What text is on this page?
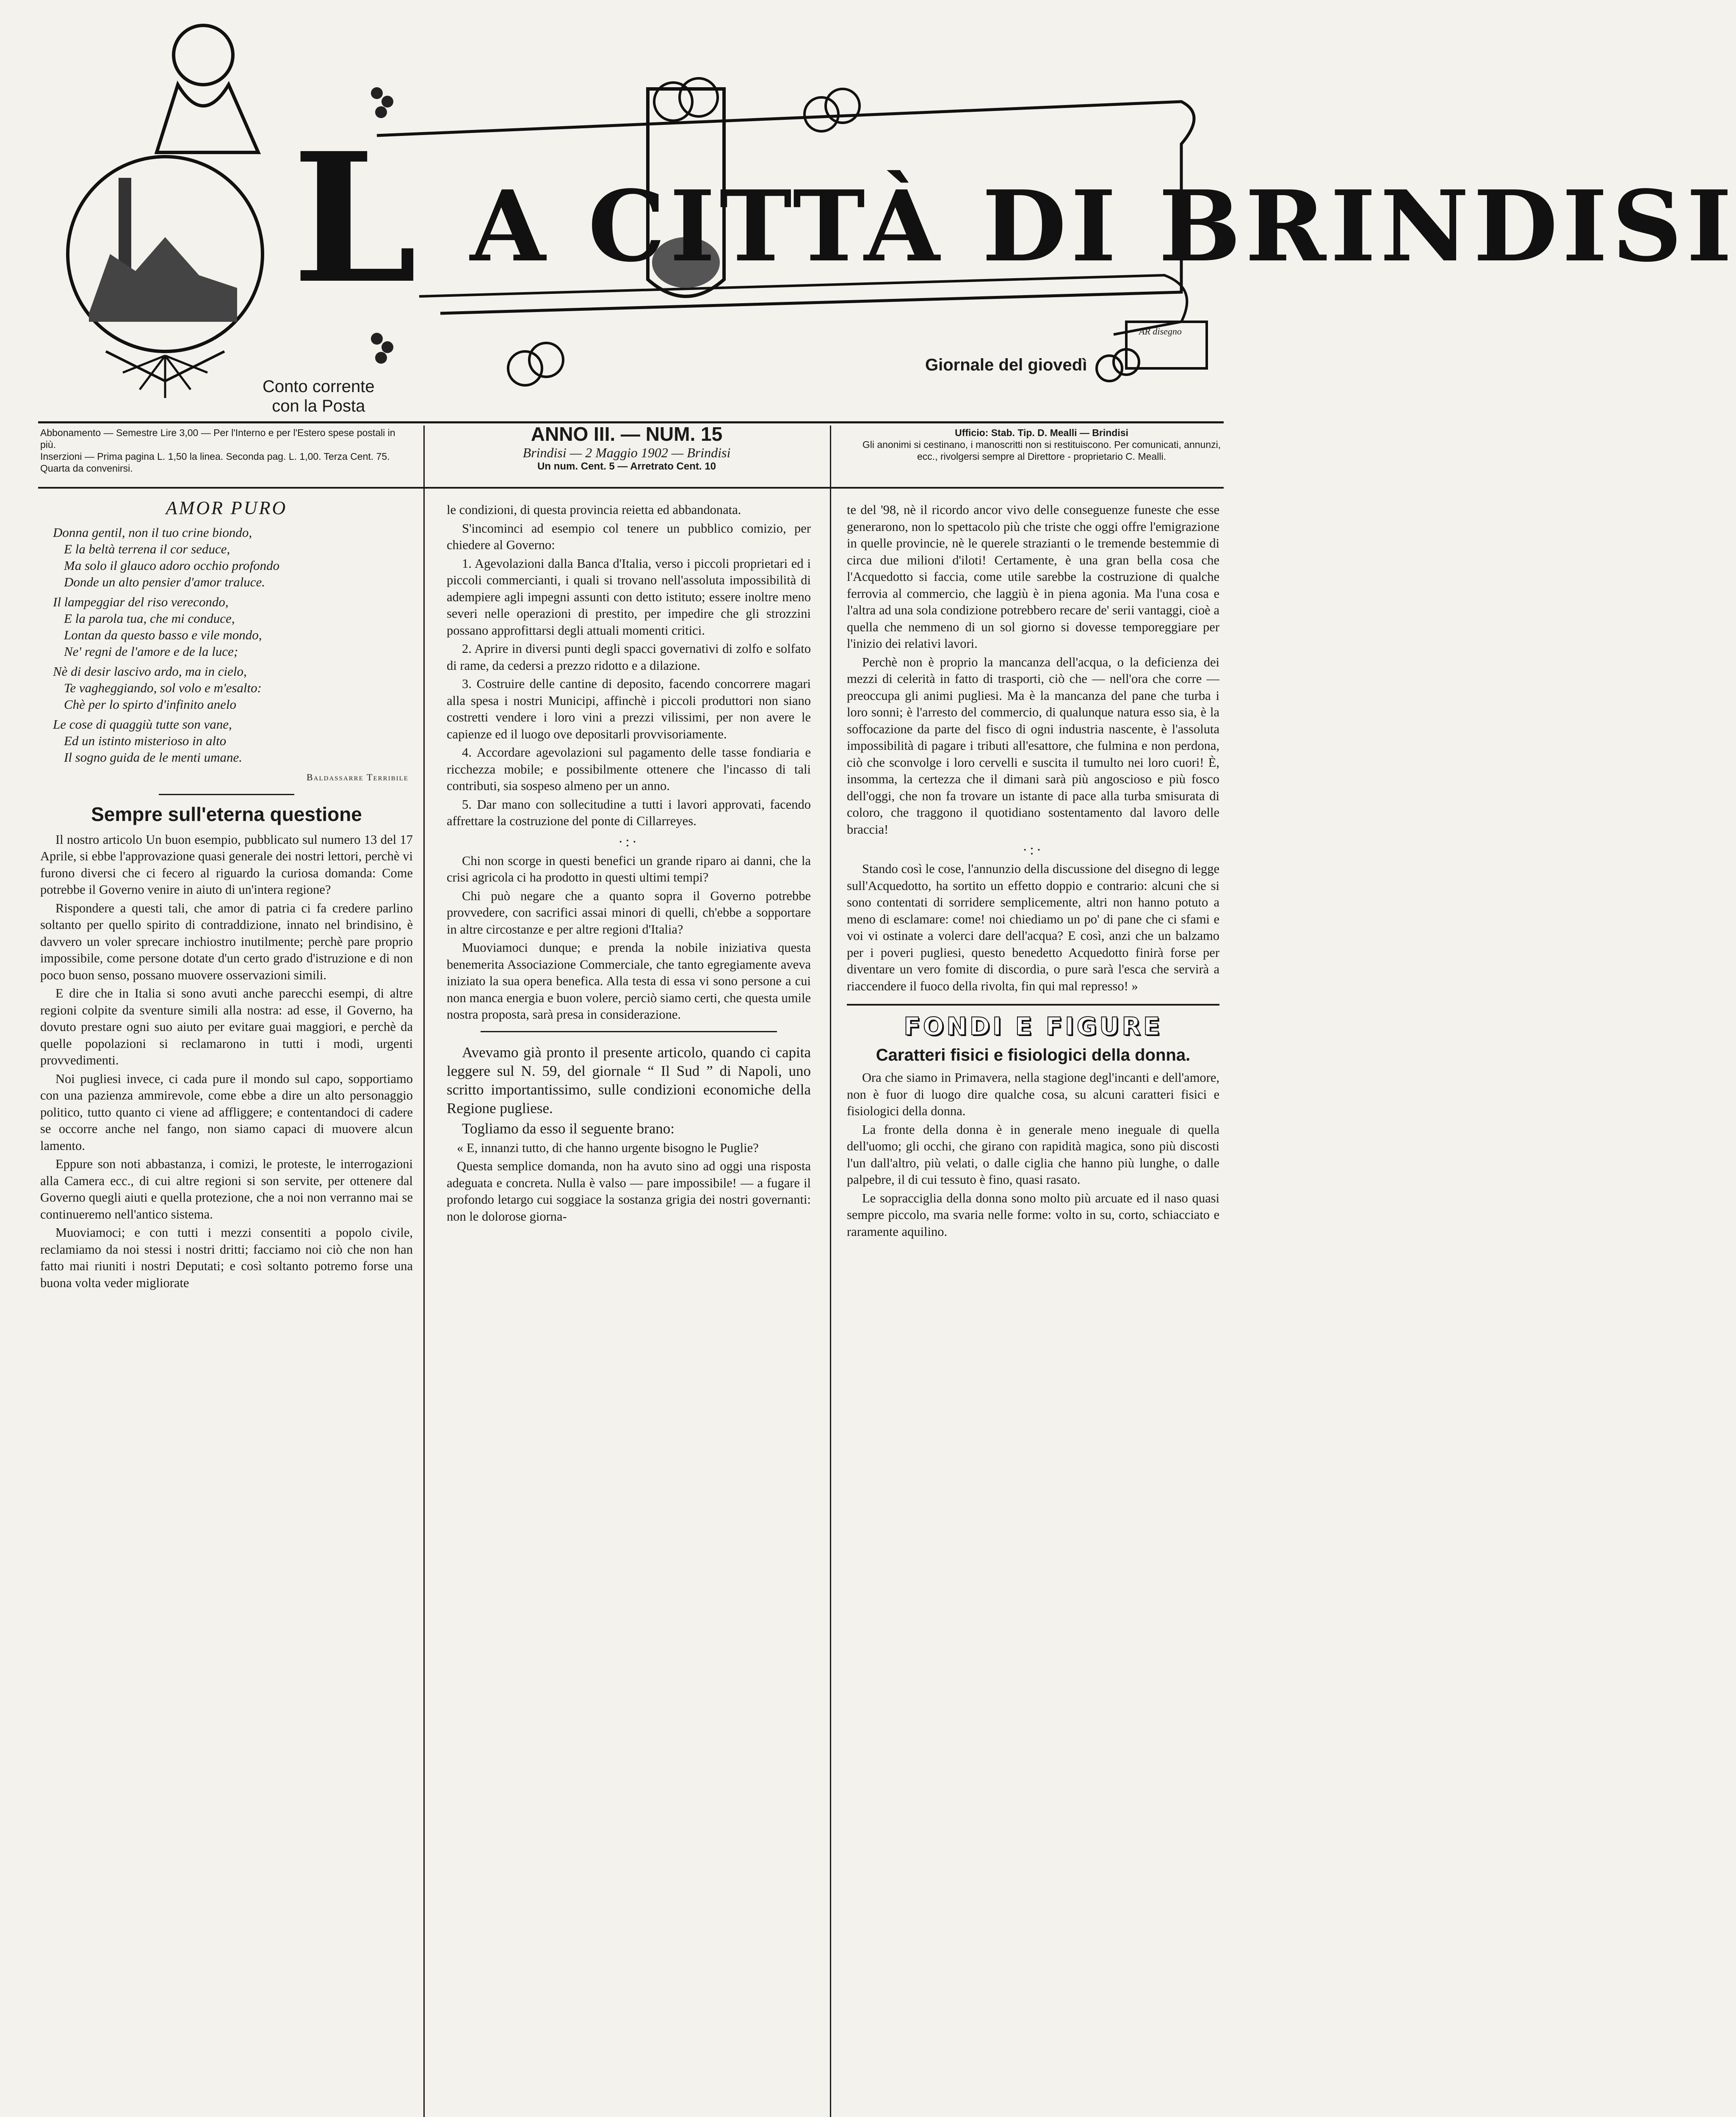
L A CITTÀ DI BRINDISI
Giornale del giovedì
AR disegno
Conto corrente
con la Posta
Abbonamento — Semestre Lire 3,00 — Per l'Interno e per l'Estero spese postali in più.
Inserzioni — Prima pagina L. 1,50 la linea. Seconda pag. L. 1,00. Terza Cent. 75. Quarta da convenirsi.
ANNO III. — NUM. 15
Brindisi — 2 Maggio 1902 — Brindisi
Un num. Cent. 5 — Arretrato Cent. 10
Ufficio: Stab. Tip. D. Mealli — Brindisi
Gli anonimi si cestinano, i manoscritti non si restituiscono. Per comunicati, annunzi, ecc., rivolgersi sempre al Direttore - proprietario C. Mealli.
AMOR PURO
Donna gentil, non il tuo crine biondo,
E la beltà terrena il cor seduce,
Ma solo il glauco adoro occhio profondo
Donde un alto pensier d'amor traluce.
Il lampeggiar del riso verecondo,
E la parola tua, che mi conduce,
Lontan da questo basso e vile mondo,
Ne' regni de l'amore e de la luce;
Nè di desir lascivo ardo, ma in cielo,
Te vagheggiando, sol volo e m'esalto:
Chè per lo spirto d'infinito anelo
Le cose di quaggiù tutte son vane,
Ed un istinto misterioso in alto
Il sogno guida de le menti umane.
Baldassarre Terribile
Sempre sull'eterna questione

Il nostro articolo Un buon esempio, pubblicato sul numero 13 del 17 Aprile, si ebbe l'approvazione quasi generale dei nostri lettori, perchè vi furono diversi che ci fecero al riguardo la curiosa domanda: Come potrebbe il Governo venire in aiuto di un'intera regione?

Rispondere a questi tali, che amor di patria ci fa credere parlino soltanto per quello spirito di contraddizione, innato nel brindisino, è davvero un voler sprecare inchiostro inutilmente; perchè pare proprio impossibile, come persone dotate d'un certo grado d'istruzione e di non poco buon senso, possano muovere osservazioni simili.

E dire che in Italia si sono avuti anche parecchi esempi, di altre regioni colpite da sventure simili alla nostra: ad esse, il Governo, ha dovuto prestare ogni suo aiuto per evitare guai maggiori, e perchè da quelle popolazioni si reclamarono in tutti i modi, urgenti provvedimenti.

Noi pugliesi invece, ci cada pure il mondo sul capo, sopportiamo con una pazienza ammirevole, come ebbe a dire un alto personaggio politico, tutto quanto ci viene ad affliggere; e contentandoci di cadere se occorre anche nel fango, non siamo capaci di muovere alcun lamento.

Eppure son noti abbastanza, i comizi, le proteste, le interrogazioni alla Camera ecc., di cui altre regioni si son servite, per ottenere dal Governo quegli aiuti e quella protezione, che a noi non verranno mai se continueremo nell'antico sistema.

Muoviamoci; e con tutti i mezzi consentiti a popolo civile, reclamiamo da noi stessi i nostri dritti; facciamo noi ciò che non han fatto mai riuniti i nostri Deputati; e così soltanto potremo forse una buona volta veder migliorate

le condizioni, di questa provincia reietta ed abbandonata.

S'incominci ad esempio col tenere un pubblico comizio, per chiedere al Governo:

1. Agevolazioni dalla Banca d'Italia, verso i piccoli proprietari ed i piccoli commercianti, i quali si trovano nell'assoluta impossibilità di adempiere agli impegni assunti con detto istituto; essere inoltre meno severi nelle operazioni di prestito, per impedire che gli strozzini possano approfittarsi degli attuali momenti critici.

2. Aprire in diversi punti degli spacci governativi di zolfo e solfato di rame, da cedersi a prezzo ridotto e a dilazione.

3. Costruire delle cantine di deposito, facendo concorrere magari alla spesa i nostri Municipi, affinchè i piccoli produttori non siano costretti vendere i loro vini a prezzi vilissimi, per non avere le capienze ed il luogo ove depositarli provvisoriamente.

4. Accordare agevolazioni sul pagamento delle tasse fondiaria e ricchezza mobile; e possibilmente ottenere che l'incasso di tali contributi, sia sospeso almeno per un anno.

5. Dar mano con sollecitudine a tutti i lavori approvati, facendo affrettare la costruzione del ponte di Cillarreyes.

·:·

Chi non scorge in questi benefici un grande riparo ai danni, che la crisi agricola ci ha prodotto in questi ultimi tempi?

Chi può negare che a quanto sopra il Governo potrebbe provvedere, con sacrifici assai minori di quelli, ch'ebbe a sopportare in altre circostanze e per altre regioni d'Italia?

Muoviamoci dunque; e prenda la nobile iniziativa questa benemerita Associazione Commerciale, che tanto egregiamente aveva iniziato la sua opera benefica. Alla testa di essa vi sono persone a cui non manca energia e buon volere, perciò siamo certi, che questa umile nostra proposta, sarà presa in considerazione.

Avevamo già pronto il presente articolo, quando ci capita leggere sul N. 59, del giornale “ Il Sud ” di Napoli, uno scritto importantissimo, sulle condizioni economiche della Regione pugliese.

Togliamo da esso il seguente brano:

« E, innanzi tutto, di che hanno urgente bisogno le Puglie?

Questa semplice domanda, non ha avuto sino ad oggi una risposta adeguata e concreta. Nulla è valso — pare impossibile! — a fugare il profondo letargo cui soggiace la sostanza grigia dei nostri governanti: non le dolorose giorna-

te del '98, nè il ricordo ancor vivo delle conseguenze funeste che esse generarono, non lo spettacolo più che triste che oggi offre l'emigrazione in quelle provincie, nè le querele strazianti o le tremende bestemmie di circa due milioni d'iloti! Certamente, è una gran bella cosa che l'Acquedotto si faccia, come utile sarebbe la costruzione di qualche ferrovia al commercio, che laggiù è in piena agonia. Ma l'una cosa e l'altra ad una sola condizione potrebbero recare de' serii vantaggi, cioè a quella che nemmeno di un sol giorno si dovesse temporeggiare per l'inizio dei relativi lavori.

Perchè non è proprio la mancanza dell'acqua, o la deficienza dei mezzi di celerità in fatto di trasporti, ciò che — nell'ora che corre — preoccupa gli animi pugliesi. Ma è la mancanza del pane che turba i loro sonni; è l'arresto del commercio, di qualunque natura esso sia, è la soffocazione da parte del fisco di ogni industria nascente, è l'assoluta impossibilità di pagare i tributi all'esattore, che fulmina e non perdona, ciò che sconvolge i loro cervelli e suscita il tumulto nei loro cuori! È, insomma, la certezza che il dimani sarà più angoscioso e più fosco dell'oggi, che non fa trovare un istante di pace alla turba smisurata di coloro, che traggono il quotidiano sostentamento dal lavoro delle braccia!

·:·

Stando così le cose, l'annunzio della discussione del disegno di legge sull'Acquedotto, ha sortito un effetto doppio e contrario: alcuni che si sono contentati di sorridere semplicemente, altri non hanno potuto a meno di esclamare: come! noi chiediamo un po' di pane che ci sfami e voi vi ostinate a volerci dare dell'acqua? E così, anzi che un balzamo per i poveri pugliesi, questo benedetto Acquedotto finirà forse per diventare un vero fomite di discordia, o pure sarà l'esca che servirà a riaccendere il fuoco della rivolta, fin qui mal represso! »

FONDI E FIGURE
Caratteri fisici e fisiologici della donna.

Ora che siamo in Primavera, nella stagione degl'incanti e dell'amore, non è fuor di luogo dire qualche cosa, su alcuni caratteri fisici e fisiologici della donna.

La fronte della donna è in generale meno ineguale di quella dell'uomo; gli occhi, che girano con rapidità magica, sono più discosti l'un dall'altro, più velati, o dalle ciglia che hanno più lunghe, o dalle palpebre, il di cui tessuto è fino, quasi rasato.

Le sopracciglia della donna sono molto più arcuate ed il naso quasi sempre piccolo, ma svaria nelle forme: volto in su, corto, schiacciato e raramente aquilino.
